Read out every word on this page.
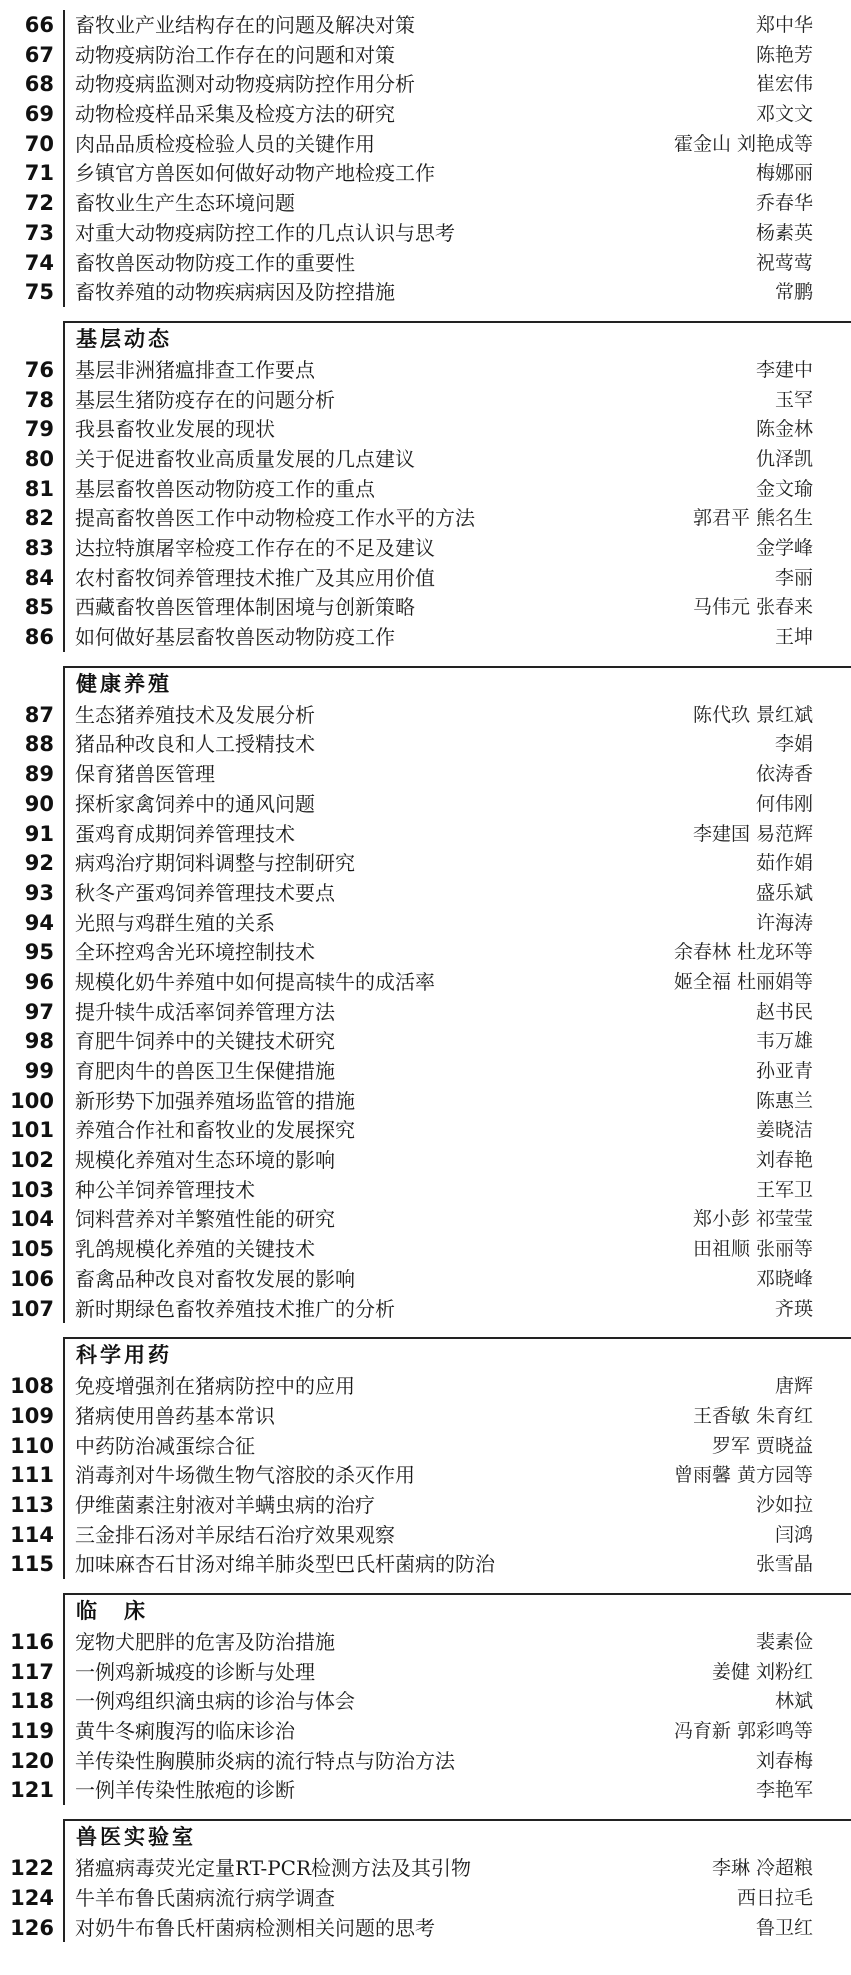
66 畜牧业产业结构存在的问题及解决对策	郑中华
67 动物疫病防治工作存在的问题和对策	陈艳芳
68 动物疫病监测对动物疫病防控作用分析	崔宏伟
69 动物检疫样品采集及检疫方法的研究	邓文文
70 肉品品质检疫检验人员的关键作用	霍金山 刘艳成等
71 乡镇官方兽医如何做好动物产地检疫工作	梅娜丽
72 畜牧业生产生态环境问题	乔春华
73 对重大动物疫病防控工作的几点认识与思考	杨素英
74 畜牧兽医动物防疫工作的重要性	祝莺莺
75 畜牧养殖的动物疾病病因及防控措施	常鹏
基层动态
76 基层非洲猪瘟排查工作要点	李建中
78 基层生猪防疫存在的问题分析	玉罕
79 我县畜牧业发展的现状	陈金林
80 关于促进畜牧业高质量发展的几点建议	仇泽凯
81 基层畜牧兽医动物防疫工作的重点	金文瑜
82 提高畜牧兽医工作中动物检疫工作水平的方法	郭君平 熊名生
83 达拉特旗屠宰检疫工作存在的不足及建议	金学峰
84 农村畜牧饲养管理技术推广及其应用价值	李丽
85 西藏畜牧兽医管理体制困境与创新策略	马伟元 张春来
86 如何做好基层畜牧兽医动物防疫工作	王坤
健康养殖
87 生态猪养殖技术及发展分析	陈代玖 景红斌
88 猪品种改良和人工授精技术	李娟
89 保育猪兽医管理	依涛香
90 探析家禽饲养中的通风问题	何伟刚
91 蛋鸡育成期饲养管理技术	李建国 易范辉
92 病鸡治疗期饲料调整与控制研究	茹作娟
93 秋冬产蛋鸡饲养管理技术要点	盛乐斌
94 光照与鸡群生殖的关系	许海涛
95 全环控鸡舍光环境控制技术	余春林 杜龙环等
96 规模化奶牛养殖中如何提高犊牛的成活率	姬全福 杜丽娟等
97 提升犊牛成活率饲养管理方法	赵书民
98 育肥牛饲养中的关键技术研究	韦万雄
99 育肥肉牛的兽医卫生保健措施	孙亚青
100 新形势下加强养殖场监管的措施	陈惠兰
101 养殖合作社和畜牧业的发展探究	姜晓洁
102 规模化养殖对生态环境的影响	刘春艳
103 种公羊饲养管理技术	王军卫
104 饲料营养对羊繁殖性能的研究	郑小彭 祁莹莹
105 乳鸽规模化养殖的关键技术	田祖顺 张丽等
106 畜禽品种改良对畜牧发展的影响	邓晓峰
107 新时期绿色畜牧养殖技术推广的分析	齐瑛
科学用药
108 免疫增强剂在猪病防控中的应用	唐辉
109 猪病使用兽药基本常识	王香敏 朱育红
110 中药防治减蛋综合征	罗军 贾晓益
111 消毒剂对牛场微生物气溶胶的杀灭作用	曾雨馨 黄方园等
113 伊维菌素注射液对羊螨虫病的治疗	沙如拉
114 三金排石汤对羊尿结石治疗效果观察	闫鸿
115 加味麻杏石甘汤对绵羊肺炎型巴氏杆菌病的防治	张雪晶
临　床
116 宠物犬肥胖的危害及防治措施	裴素俭
117 一例鸡新城疫的诊断与处理	姜健 刘粉红
118 一例鸡组织滴虫病的诊治与体会	林斌
119 黄牛冬痢腹泻的临床诊治	冯育新 郭彩鸣等
120 羊传染性胸膜肺炎病的流行特点与防治方法	刘春梅
121 一例羊传染性脓疱的诊断	李艳军
兽医实验室
122 猪瘟病毒荧光定量RT-PCR检测方法及其引物	李琳 冷超粮
124 牛羊布鲁氏菌病流行病学调查	西日拉毛
126 对奶牛布鲁氏杆菌病检测相关问题的思考	鲁卫红
